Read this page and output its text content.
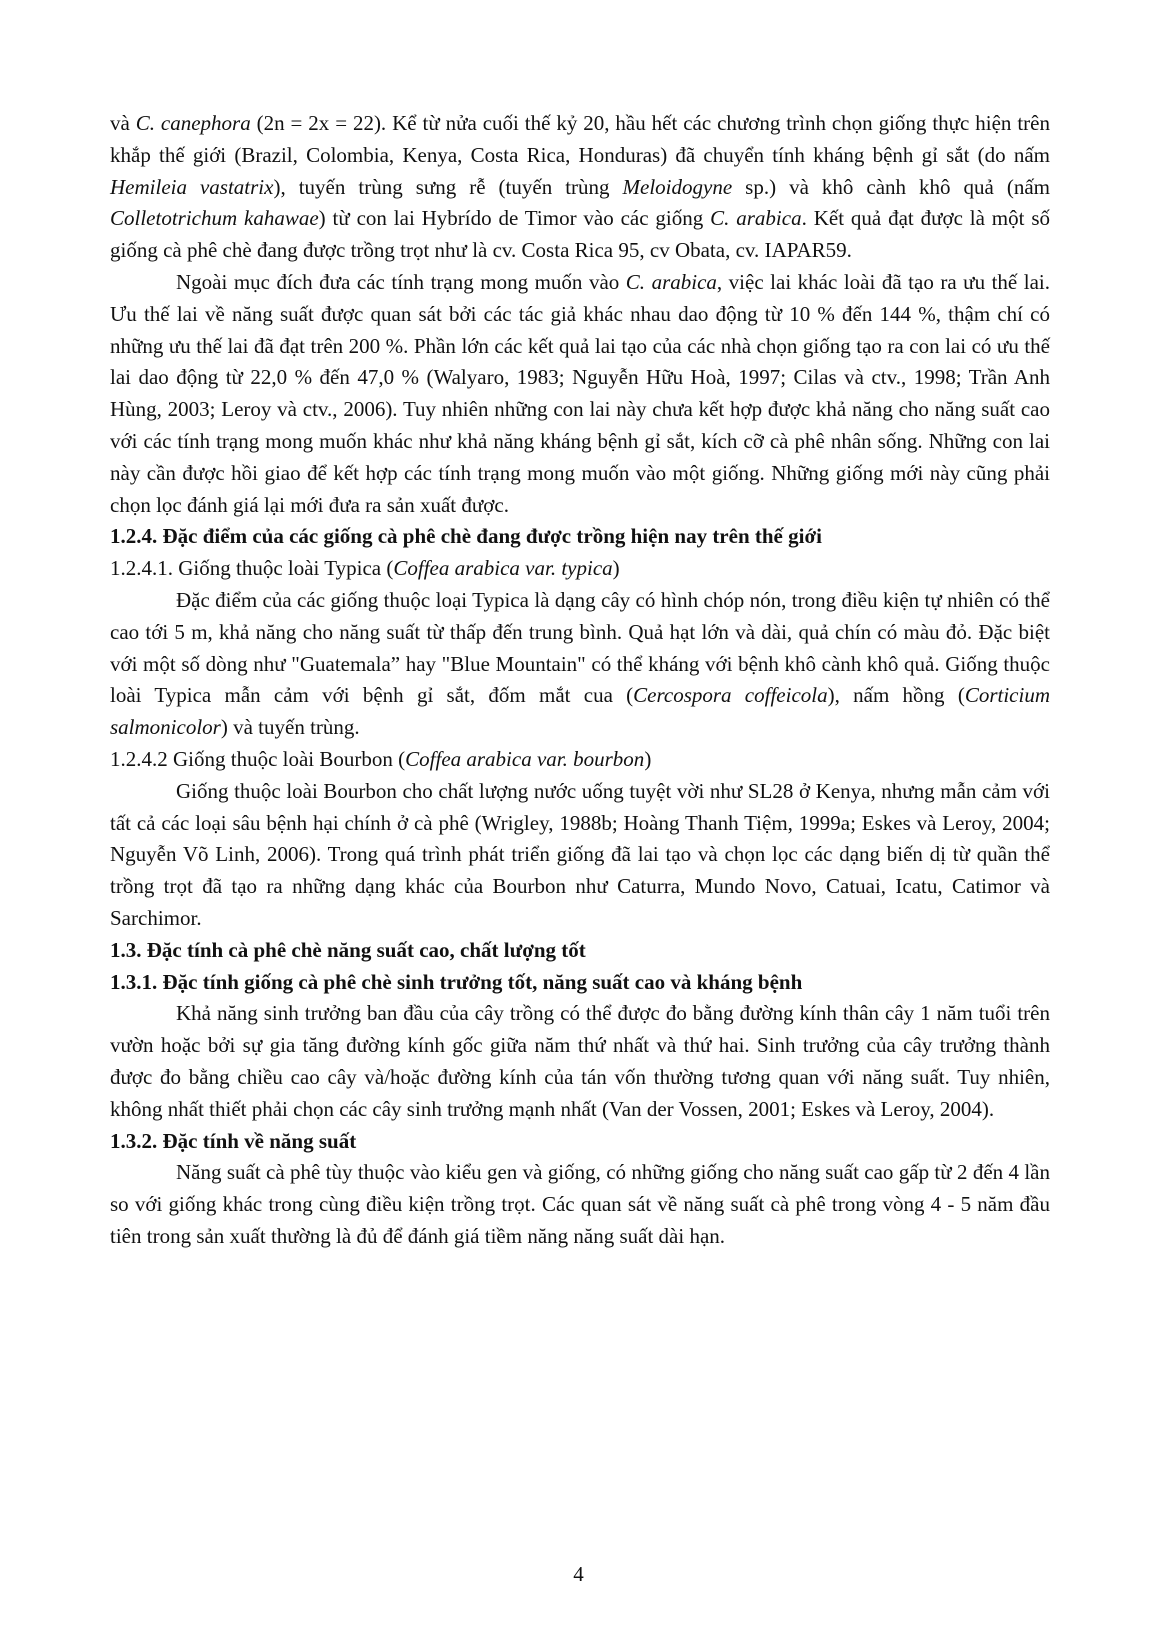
và C. canephora (2n = 2x = 22). Kể từ nửa cuối thế kỷ 20, hầu hết các chương trình chọn giống thực hiện trên khắp thế giới (Brazil, Colombia, Kenya, Costa Rica, Honduras) đã chuyển tính kháng bệnh gỉ sắt (do nấm Hemileia vastatrix), tuyến trùng sưng rễ (tuyến trùng Meloidogyne sp.) và khô cành khô quả (nấm Colletotrichum kahawae) từ con lai Hybrído de Timor vào các giống C. arabica. Kết quả đạt được là một số giống cà phê chè đang được trồng trọt như là cv. Costa Rica 95, cv Obata, cv. IAPAR59.

Ngoài mục đích đưa các tính trạng mong muốn vào C. arabica, việc lai khác loài đã tạo ra ưu thế lai. Ưu thế lai về năng suất được quan sát bởi các tác giả khác nhau dao động từ 10 % đến 144 %, thậm chí có những ưu thế lai đã đạt trên 200 %. Phần lớn các kết quả lai tạo của các nhà chọn giống tạo ra con lai có ưu thế lai dao động từ 22,0 % đến 47,0 % (Walyaro, 1983; Nguyễn Hữu Hoà, 1997; Cilas và ctv., 1998; Trần Anh Hùng, 2003; Leroy và ctv., 2006). Tuy nhiên những con lai này chưa kết hợp được khả năng cho năng suất cao với các tính trạng mong muốn khác như khả năng kháng bệnh gỉ sắt, kích cỡ cà phê nhân sống. Những con lai này cần được hồi giao để kết hợp các tính trạng mong muốn vào một giống. Những giống mới này cũng phải chọn lọc đánh giá lại mới đưa ra sản xuất được.

1.2.4. Đặc điểm của các giống cà phê chè đang được trồng hiện nay trên thế giới

1.2.4.1. Giống thuộc loài Typica (Coffea arabica var. typica)

Đặc điểm của các giống thuộc loại Typica là dạng cây có hình chóp nón, trong điều kiện tự nhiên có thể cao tới 5 m, khả năng cho năng suất từ thấp đến trung bình. Quả hạt lớn và dài, quả chín có màu đỏ. Đặc biệt với một số dòng như "Guatemala” hay "Blue Mountain" có thể kháng với bệnh khô cành khô quả. Giống thuộc loài Typica mẫn cảm với bệnh gỉ sắt, đốm mắt cua (Cercospora coffeicola), nấm hồng (Corticium salmonicolor) và tuyến trùng.

1.2.4.2 Giống thuộc loài Bourbon (Coffea arabica var. bourbon)

Giống thuộc loài Bourbon cho chất lượng nước uống tuyệt vời như SL28 ở Kenya, nhưng mẫn cảm với tất cả các loại sâu bệnh hại chính ở cà phê (Wrigley, 1988b; Hoàng Thanh Tiệm, 1999a; Eskes và Leroy, 2004; Nguyễn Võ Linh, 2006). Trong quá trình phát triển giống đã lai tạo và chọn lọc các dạng biến dị từ quần thể trồng trọt đã tạo ra những dạng khác của Bourbon như Caturra, Mundo Novo, Catuai, Icatu, Catimor và Sarchimor.

1.3. Đặc tính cà phê chè năng suất cao, chất lượng tốt
1.3.1. Đặc tính giống cà phê chè sinh trưởng tốt, năng suất cao và kháng bệnh

Khả năng sinh trưởng ban đầu của cây trồng có thể được đo bằng đường kính thân cây 1 năm tuổi trên vườn hoặc bởi sự gia tăng đường kính gốc giữa năm thứ nhất và thứ hai. Sinh trưởng của cây trưởng thành được đo bằng chiều cao cây và/hoặc đường kính của tán vốn thường tương quan với năng suất. Tuy nhiên, không nhất thiết phải chọn các cây sinh trưởng mạnh nhất (Van der Vossen, 2001; Eskes và Leroy, 2004).

1.3.2. Đặc tính về năng suất

Năng suất cà phê tùy thuộc vào kiểu gen và giống, có những giống cho năng suất cao gấp từ 2 đến 4 lần so với giống khác trong cùng điều kiện trồng trọt. Các quan sát về năng suất cà phê trong vòng 4 - 5 năm đầu tiên trong sản xuất thường là đủ để đánh giá tiềm năng năng suất dài hạn.

4
